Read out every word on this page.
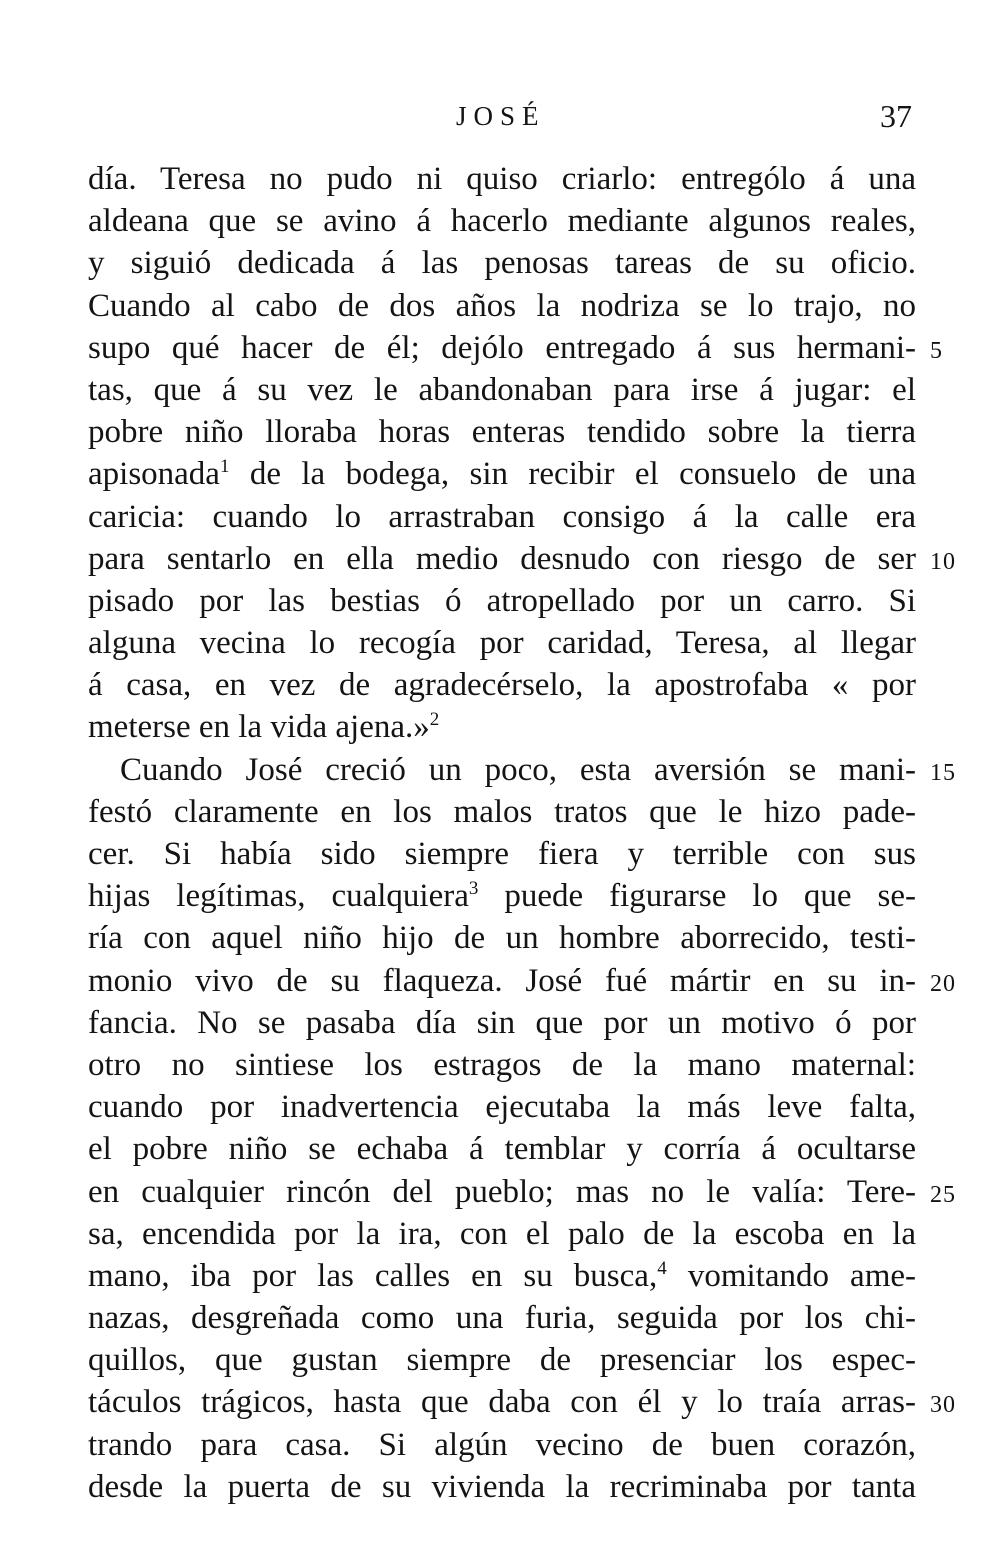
JOSÉ	37
día. Teresa no pudo ni quiso criarlo: entrególo á una
aldeana que se avino á hacerlo mediante algunos reales,
y siguió dedicada á las penosas tareas de su oficio.
Cuando al cabo de dos años la nodriza se lo trajo, no
supo qué hacer de él; dejólo entregado á sus hermani- 5
tas, que á su vez le abandonaban para irse á jugar: el
pobre niño lloraba horas enteras tendido sobre la tierra
apisonada$^1$ de la bodega, sin recibir el consuelo de una
caricia: cuando lo arrastraban consigo á la calle era
para sentarlo en ella medio desnudo con riesgo de ser 10
pisado por las bestias ó atropellado por un carro. Si
alguna vecina lo recogía por caridad, Teresa, al llegar
á casa, en vez de agradecérselo, la apostrofaba « por
meterse en la vida ajena.»$^2$
Cuando José creció un poco, esta aversión se mani- 15
festó claramente en los malos tratos que le hizo pade-
cer. Si había sido siempre fiera y terrible con sus
hijas legítimas, cualquiera$^3$ puede figurarse lo que se-
ría con aquel niño hijo de un hombre aborrecido, testi-
monio vivo de su flaqueza. José fué mártir en su in- 20
fancia. No se pasaba día sin que por un motivo ó por
otro no sintiese los estragos de la mano maternal:
cuando por inadvertencia ejecutaba la más leve falta,
el pobre niño se echaba á temblar y corría á ocultarse
en cualquier rincón del pueblo; mas no le valía: Tere- 25
sa, encendida por la ira, con el palo de la escoba en la
mano, iba por las calles en su busca,$^4$ vomitando ame-
nazas, desgreñada como una furia, seguida por los chi-
quillos, que gustan siempre de presenciar los espec-
táculos trágicos, hasta que daba con él y lo traía arras- 30
trando para casa. Si algún vecino de buen corazón,
desde la puerta de su vivienda la recriminaba por tanta
